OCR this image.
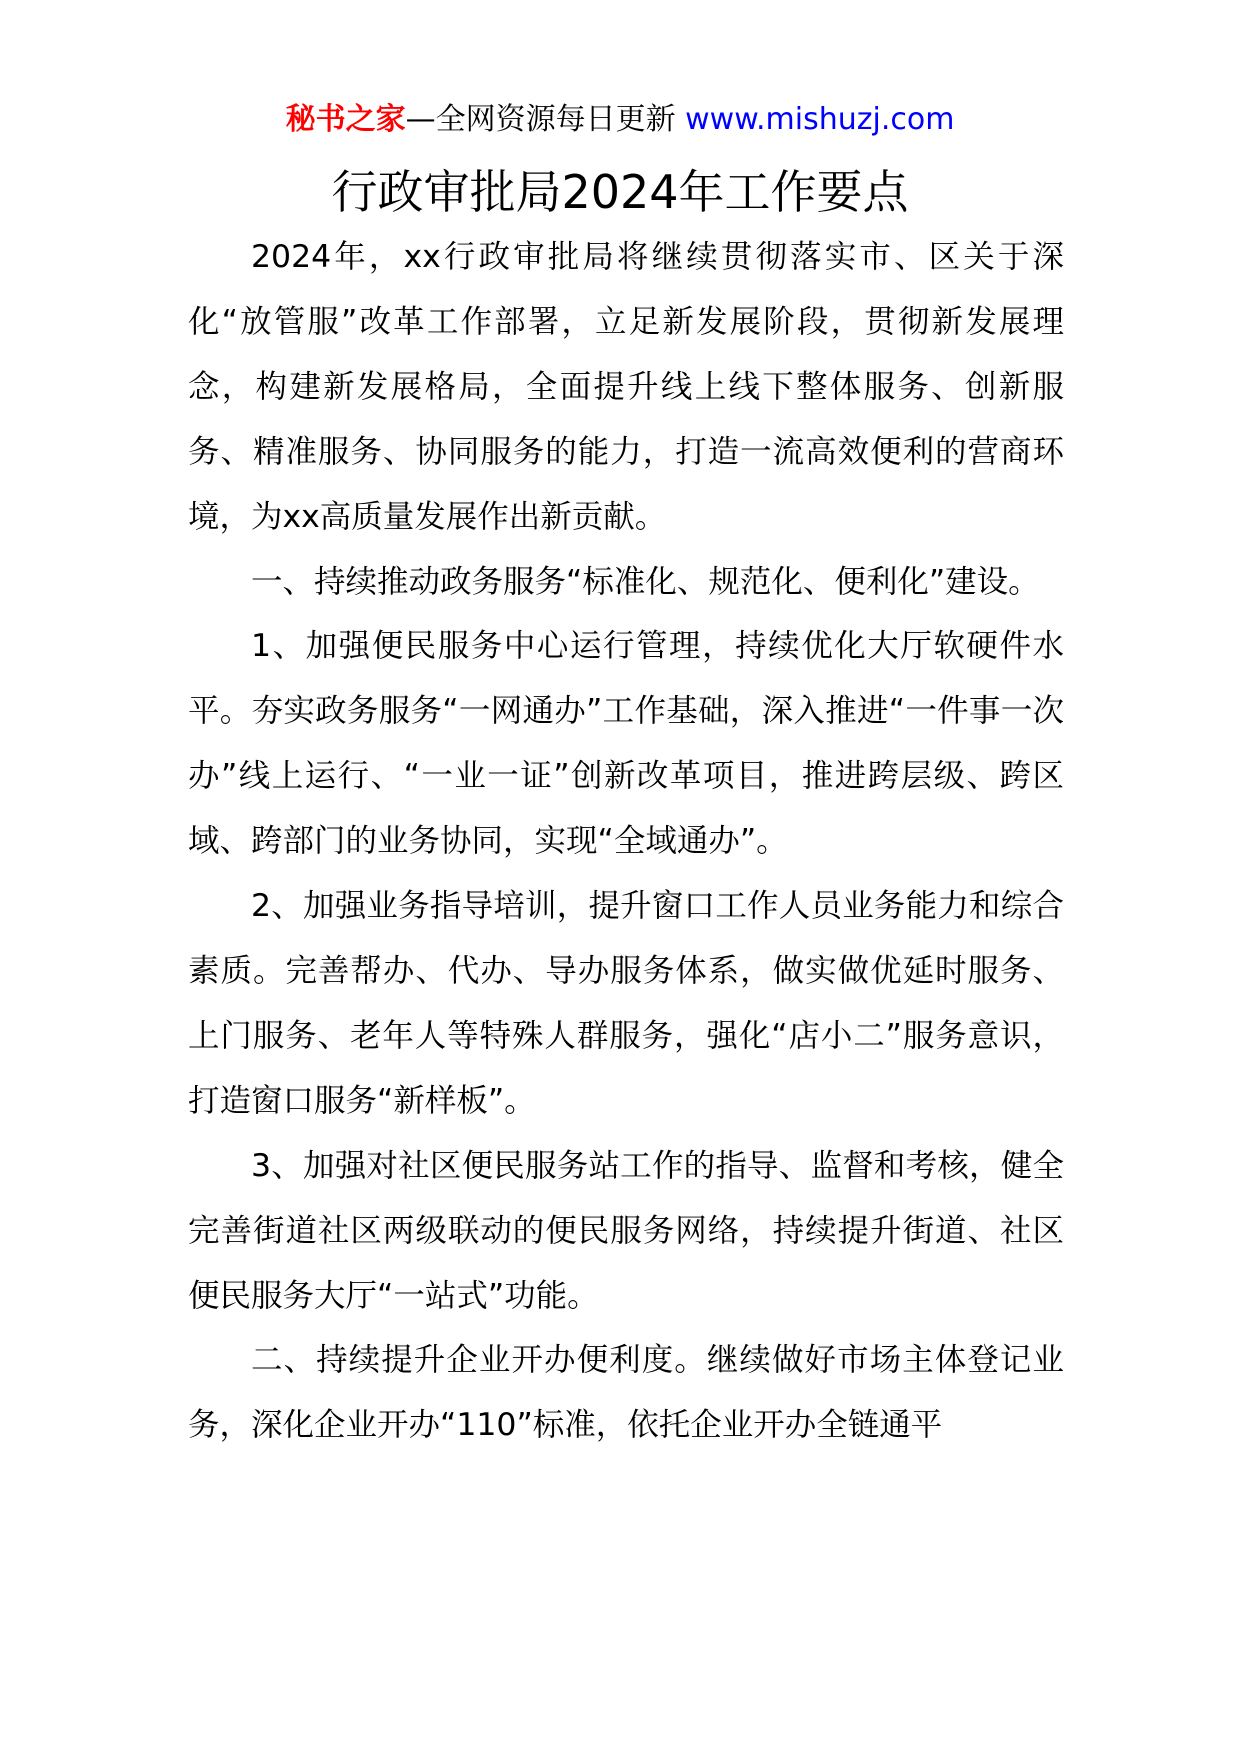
秘书之家—全网资源每日更新 www.mishuzj.com
行政审批局2024年工作要点

2024年，xx行政审批局将继续贯彻落实市、区关于深化“放管服”改革工作部署，立足新发展阶段，贯彻新发展理念，构建新发展格局，全面提升线上线下整体服务、创新服务、精准服务、协同服务的能力，打造一流高效便利的营商环境，为xx高质量发展作出新贡献。

一、持续推动政务服务“标准化、规范化、便利化”建设。

1、加强便民服务中心运行管理，持续优化大厅软硬件水平。夯实政务服务“一网通办”工作基础，深入推进“一件事一次办”线上运行、“一业一证”创新改革项目，推进跨层级、跨区域、跨部门的业务协同，实现“全域通办”。

2、加强业务指导培训，提升窗口工作人员业务能力和综合素质。完善帮办、代办、导办服务体系，做实做优延时服务、上门服务、老年人等特殊人群服务，强化“店小二”服务意识，打造窗口服务“新样板”。

3、加强对社区便民服务站工作的指导、监督和考核，健全完善街道社区两级联动的便民服务网络，持续提升街道、社区便民服务大厅“一站式”功能。

二、持续提升企业开办便利度。继续做好市场主体登记业务，深化企业开办“110”标准，依托企业开办全链通平
